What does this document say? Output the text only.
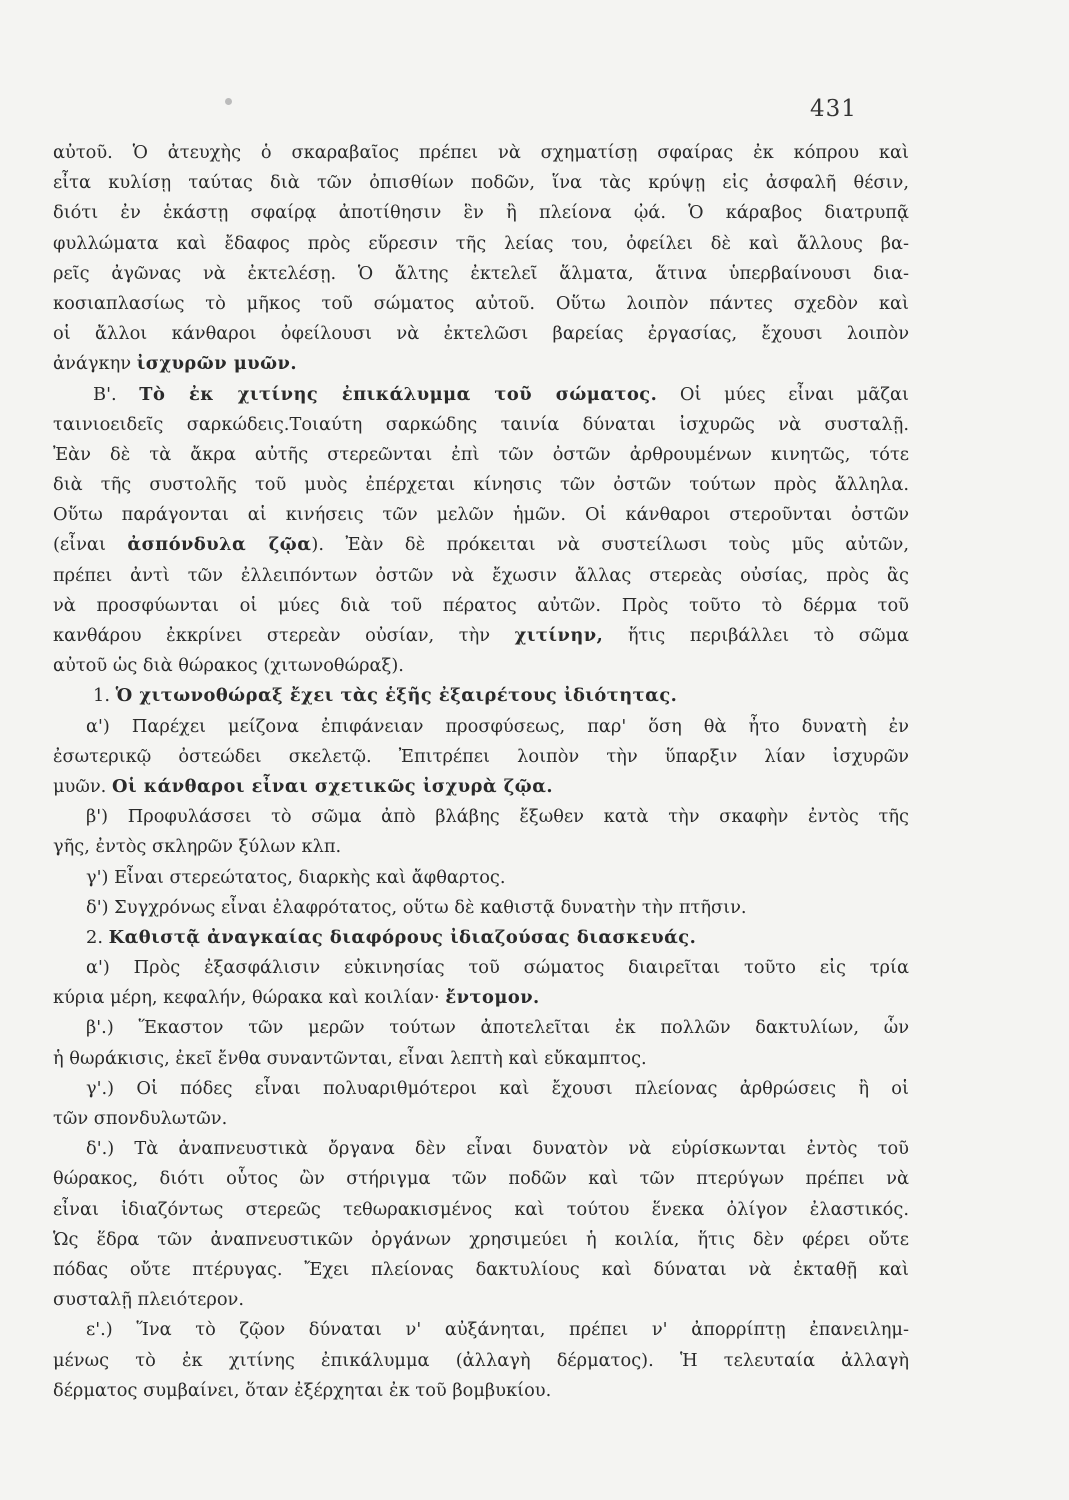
431
αὐτοῦ. Ὁ ἀτευχὴς ὁ σκαραβαῖος πρέπει νὰ σχηματίσῃ σφαίρας ἐκ κόπρου καὶ
εἶτα κυλίσῃ ταύτας διὰ τῶν ὀπισθίων ποδῶν, ἵνα τὰς κρύψῃ εἰς ἀσφαλῆ θέσιν,
διότι ἐν ἑκάστῃ σφαίρᾳ ἀποτίθησιν ἓν ἢ πλείονα ᾠά. Ὁ κάραβος διατρυπᾷ
φυλλώματα καὶ ἔδαφος πρὸς εὕρεσιν τῆς λείας του, ὀφείλει δὲ καὶ ἄλλους βα-
ρεῖς ἀγῶνας νὰ ἐκτελέσῃ. Ὁ ἄλτης ἐκτελεῖ ἅλματα, ἅτινα ὑπερβαίνουσι δια-
κοσιαπλασίως τὸ μῆκος τοῦ σώματος αὐτοῦ. Οὕτω λοιπὸν πάντες σχεδὸν καὶ
οἱ ἄλλοι κάνθαροι ὀφείλουσι νὰ ἐκτελῶσι βαρείας ἐργασίας, ἔχουσι λοιπὸν
ἀνάγκην ἰσχυρῶν μυῶν.
Β'. Τὸ ἐκ χιτίνης ἐπικάλυμμα τοῦ σώματος. Οἱ μύες εἶναι μᾶζαι
ταινιοειδεῖς σαρκώδεις.Τοιαύτη σαρκώδης ταινία δύναται ἰσχυρῶς νὰ συσταλῇ.
Ἐὰν δὲ τὰ ἄκρα αὐτῆς στερεῶνται ἐπὶ τῶν ὀστῶν ἀρθρουμένων κινητῶς, τότε
διὰ τῆς συστολῆς τοῦ μυὸς ἐπέρχεται κίνησις τῶν ὀστῶν τούτων πρὸς ἄλληλα.
Οὕτω παράγονται αἱ κινήσεις τῶν μελῶν ἡμῶν. Οἱ κάνθαροι στεροῦνται ὀστῶν
(εἶναι ἀσπόνδυλα ζῷα). Ἐὰν δὲ πρόκειται νὰ συστείλωσι τοὺς μῦς αὐτῶν,
πρέπει ἀντὶ τῶν ἐλλειπόντων ὀστῶν νὰ ἔχωσιν ἄλλας στερεὰς οὐσίας, πρὸς ἃς
νὰ προσφύωνται οἱ μύες διὰ τοῦ πέρατος αὐτῶν. Πρὸς τοῦτο τὸ δέρμα τοῦ
κανθάρου ἐκκρίνει στερεὰν οὐσίαν, τὴν χιτίνην, ἥτις περιβάλλει τὸ σῶμα
αὐτοῦ ὡς διὰ θώρακος (χιτωνοθώραξ).
1. Ὁ χιτωνοθώραξ ἔχει τὰς ἑξῆς ἐξαιρέτους ἰδιότητας.
α') Παρέχει μείζονα ἐπιφάνειαν προσφύσεως, παρ' ὅση θὰ ἦτο δυνατὴ ἐν
ἐσωτερικῷ ὀστεώδει σκελετῷ. Ἐπιτρέπει λοιπὸν τὴν ὕπαρξιν λίαν ἰσχυρῶν
μυῶν. Οἱ κάνθαροι εἶναι σχετικῶς ἰσχυρὰ ζῷα.
β') Προφυλάσσει τὸ σῶμα ἀπὸ βλάβης ἔξωθεν κατὰ τὴν σκαφὴν ἐντὸς τῆς
γῆς, ἐντὸς σκληρῶν ξύλων κλπ.
γ') Εἶναι στερεώτατος, διαρκὴς καὶ ἄφθαρτος.
δ') Συγχρόνως εἶναι ἐλαφρότατος, οὕτω δὲ καθιστᾷ δυνατὴν τὴν πτῆσιν.
2. Καθιστᾷ ἀναγκαίας διαφόρους ἰδιαζούσας διασκευάς.
α') Πρὸς ἐξασφάλισιν εὐκινησίας τοῦ σώματος διαιρεῖται τοῦτο εἰς τρία
κύρια μέρη, κεφαλήν, θώρακα καὶ κοιλίαν· ἔντομον.
β'.) Ἕκαστον τῶν μερῶν τούτων ἀποτελεῖται ἐκ πολλῶν δακτυλίων, ὧν
ἡ θωράκισις, ἐκεῖ ἔνθα συναντῶνται, εἶναι λεπτὴ καὶ εὔκαμπτος.
γ'.) Οἱ πόδες εἶναι πολυαριθμότεροι καὶ ἔχουσι πλείονας ἀρθρώσεις ἢ οἱ
τῶν σπονδυλωτῶν.
δ'.) Τὰ ἀναπνευστικὰ ὄργανα δὲν εἶναι δυνατὸν νὰ εὑρίσκωνται ἐντὸς τοῦ
θώρακος, διότι οὗτος ὢν στήριγμα τῶν ποδῶν καὶ τῶν πτερύγων πρέπει νὰ
εἶναι ἰδιαζόντως στερεῶς τεθωρακισμένος καὶ τούτου ἕνεκα ὀλίγον ἐλαστικός.
Ὡς ἕδρα τῶν ἀναπνευστικῶν ὀργάνων χρησιμεύει ἡ κοιλία, ἥτις δὲν φέρει οὔτε
πόδας οὔτε πτέρυγας. Ἔχει πλείονας δακτυλίους καὶ δύναται νὰ ἐκταθῇ καὶ
συσταλῇ πλειότερον.
ε'.) Ἵνα τὸ ζῷον δύναται ν' αὐξάνηται, πρέπει ν' ἀπορρίπτῃ ἐπανειλημ-
μένως τὸ ἐκ χιτίνης ἐπικάλυμμα (ἀλλαγὴ δέρματος). Ἡ τελευταία ἀλλαγὴ
δέρματος συμβαίνει, ὅταν ἐξέρχηται ἐκ τοῦ βομβυκίου.
